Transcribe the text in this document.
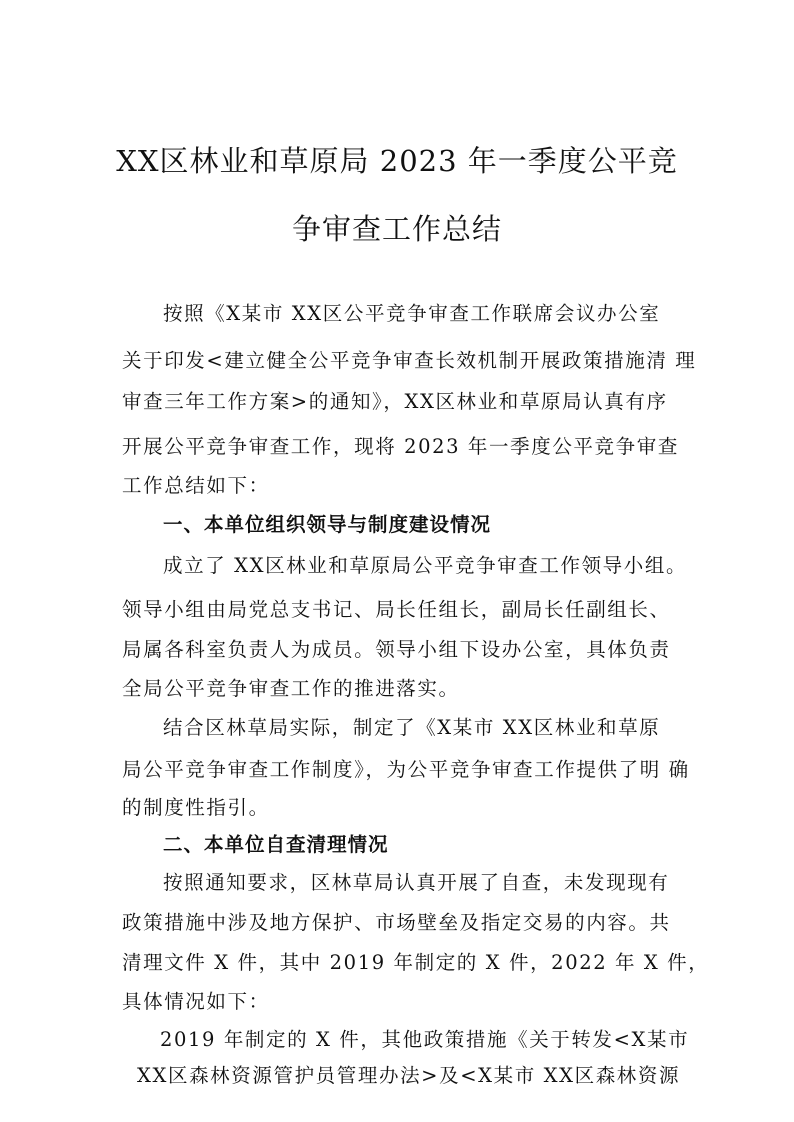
XX区林业和草原局 2023 年一季度公平竞
争审查工作总结
按照《X某市 XX区公平竞争审查工作联席会议办公室
关于印发<建立健全公平竞争审查长效机制开展政策措施清 理
审查三年工作方案>的通知》，XX区林业和草原局认真有序
开展公平竞争审查工作，现将 2023 年一季度公平竞争审查
工作总结如下：
一、本单位组织领导与制度建设情况
成立了 XX区林业和草原局公平竞争审查工作领导小组。
领导小组由局党总支书记、局长任组长，副局长任副组长、
局属各科室负责人为成员。领导小组下设办公室，具体负责
全局公平竞争审查工作的推进落实。
结合区林草局实际，制定了《X某市 XX区林业和草原
局公平竞争审查工作制度》，为公平竞争审查工作提供了明 确
的制度性指引。
二、本单位自查清理情况
按照通知要求，区林草局认真开展了自查，未发现现有
政策措施中涉及地方保护、市场壁垒及指定交易的内容。共
清理文件 X 件，其中 2019 年制定的 X 件，2022 年 X 件，
具体情况如下：
2019 年制定的 X 件，其他政策措施《关于转发<X某市
XX区森林资源管护员管理办法>及<X某市 XX区森林资源
